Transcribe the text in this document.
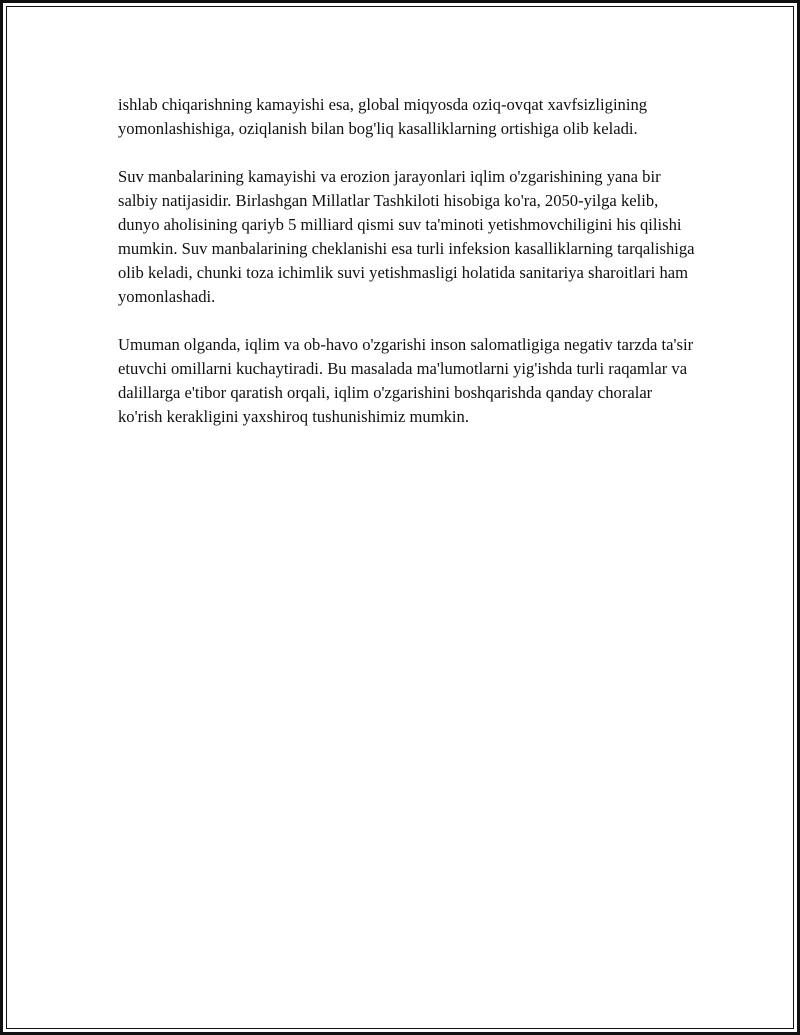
ishlab chiqarishning kamayishi esa, global miqyosda oziq-ovqat xavfsizligining yomonlashishiga, oziqlanish bilan bog'liq kasalliklarning ortishiga olib keladi.

Suv manbalarining kamayishi va erozion jarayonlari iqlim o'zgarishining yana bir salbiy natijasidir. Birlashgan Millatlar Tashkiloti hisobiga ko'ra, 2050-yilga kelib, dunyo aholisining qariyb 5 milliard qismi suv ta'minoti yetishmovchiligini his qilishi mumkin. Suv manbalarining cheklanishi esa turli infeksion kasalliklarning tarqalishiga olib keladi, chunki toza ichimlik suvi yetishmasligi holatida sanitariya sharoitlari ham yomonlashadi.

Umuman olganda, iqlim va ob-havo o'zgarishi inson salomatligiga negativ tarzda ta'sir etuvchi omillarni kuchaytiradi. Bu masalada ma'lumotlarni yig'ishda turli raqamlar va dalillarga e'tibor qaratish orqali, iqlim o'zgarishini boshqarishda qanday choralar ko'rish kerakligini yaxshiroq tushunishimiz mumkin.
